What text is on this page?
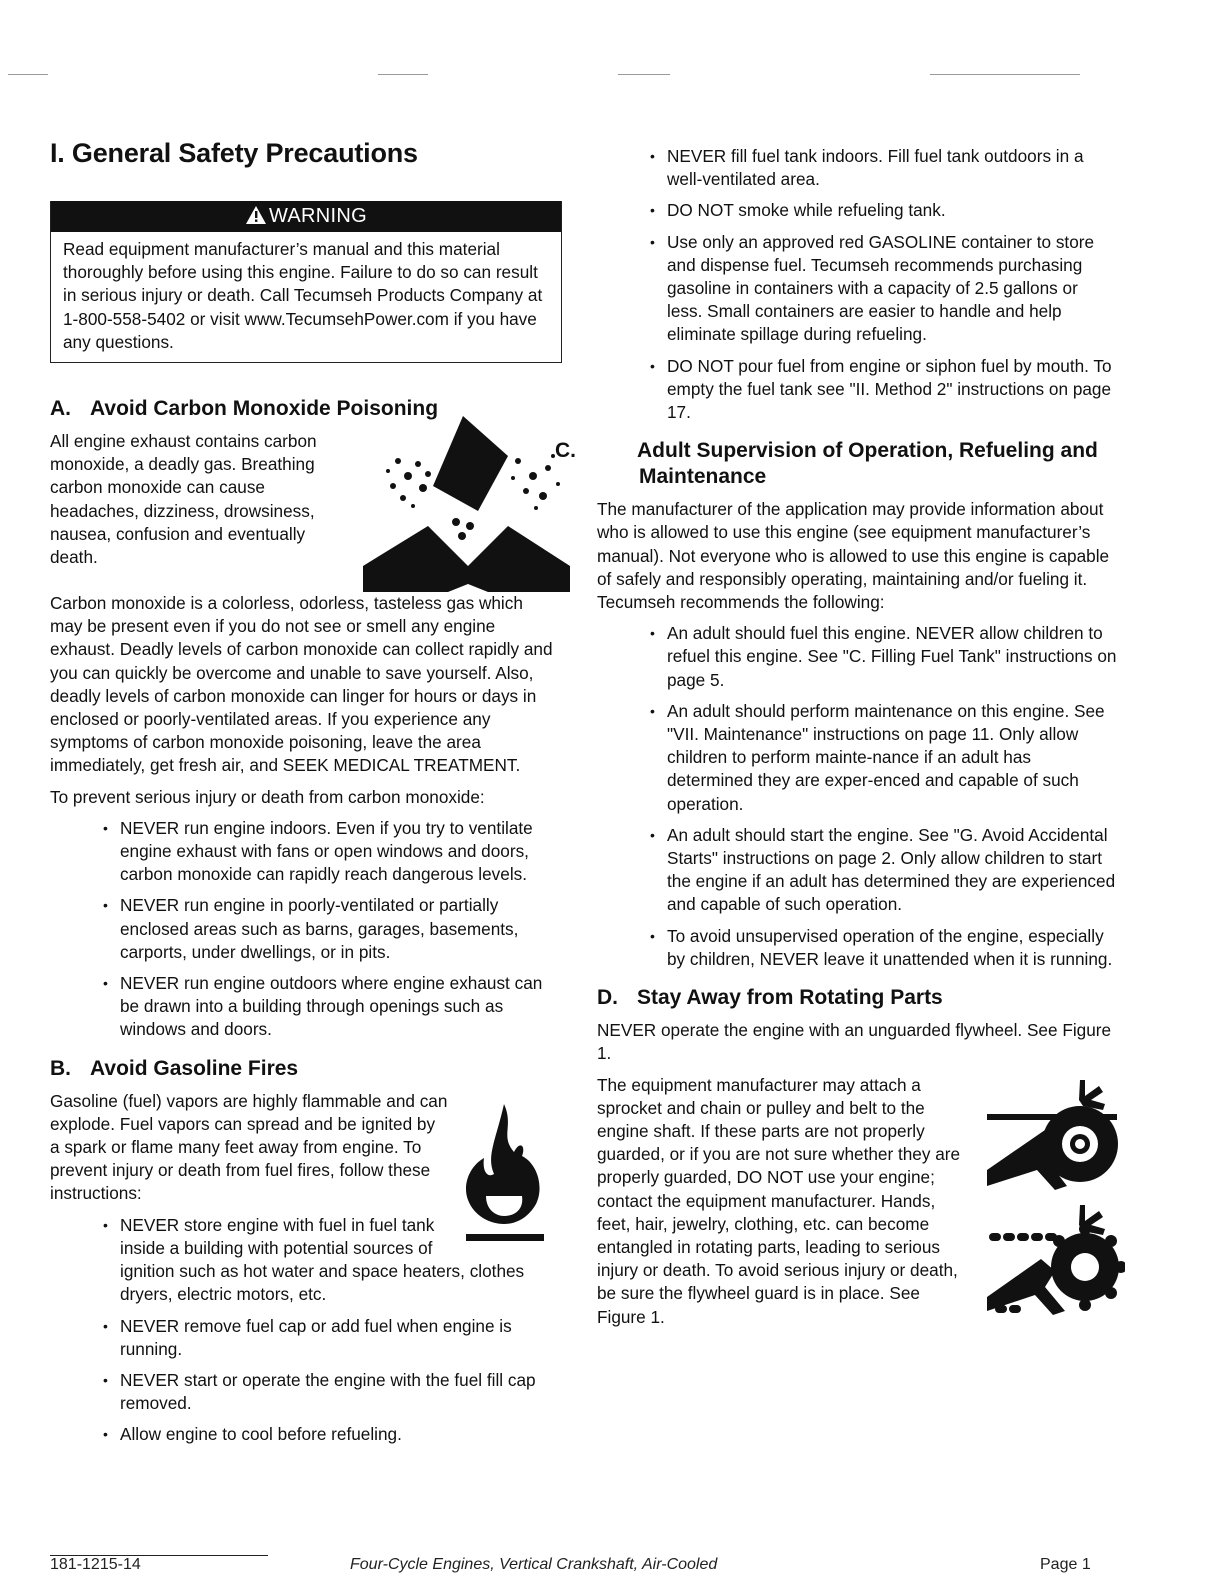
I. General Safety Precautions
WARNING
Read equipment manufacturer’s manual and this material thoroughly before using this engine. Failure to do so can result in serious injury or death. Call Tecumseh Products Company at 1-800-558-5402 or visit www.TecumsehPower.com if you have any questions.
A. Avoid Carbon Monoxide Poisoning

All engine exhaust contains carbon monoxide, a deadly gas. Breathing carbon monoxide can cause headaches, dizziness, drowsiness, nausea, confusion and eventually death.

Carbon monoxide is a colorless, odorless, tasteless gas which may be present even if you do not see or smell any engine exhaust. Deadly levels of carbon monoxide can collect rapidly and you can quickly be overcome and unable to save yourself. Also, deadly levels of carbon monoxide can linger for hours or days in enclosed or poorly-ventilated areas. If you experience any symptoms of carbon monoxide poisoning, leave the area immediately, get fresh air, and SEEK MEDICAL TREATMENT.

To prevent serious injury or death from carbon monoxide:

• NEVER run engine indoors. Even if you try to ventilate engine exhaust with fans or open windows and doors, carbon monoxide can rapidly reach dangerous levels.
• NEVER run engine in poorly-ventilated or partially enclosed areas such as barns, garages, basements, carports, under dwellings, or in pits.
• NEVER run engine outdoors where engine exhaust can be drawn into a building through openings such as windows and doors.
B. Avoid Gasoline Fires

Gasoline (fuel) vapors are highly flammable and can explode. Fuel vapors can spread and be ignited by a spark or flame many feet away from engine. To prevent injury or death from fuel fires, follow these instructions:

• NEVER store engine with fuel in fuel tank inside a building with potential sources of ignition such as hot water and space heaters, clothes dryers, electric motors, etc.
• NEVER remove fuel cap or add fuel when engine is running.
• NEVER start or operate the engine with the fuel fill cap removed.
• Allow engine to cool before refueling.
• NEVER fill fuel tank indoors. Fill fuel tank outdoors in a well-ventilated area.
• DO NOT smoke while refueling tank.
• Use only an approved red GASOLINE container to store and dispense fuel. Tecumseh recommends purchasing gasoline in containers with a capacity of 2.5 gallons or less. Small containers are easier to handle and help eliminate spillage during refueling.
• DO NOT pour fuel from engine or siphon fuel by mouth. To empty the fuel tank see "II. Method 2" instructions on page 17.
C.	Adult Supervision of Operation, Refueling and Maintenance

The manufacturer of the application may provide information about who is allowed to use this engine (see equipment manufacturer’s manual). Not everyone who is allowed to use this engine is capable of safely and responsibly operating, maintaining and/or fueling it. Tecumseh recommends the following:

• An adult should fuel this engine. NEVER allow children to refuel this engine. See "C. Filling Fuel Tank" instructions on page 5.
• An adult should perform maintenance on this engine. See "VII. Maintenance" instructions on page 11. Only allow children to perform mainte-nance if an adult has determined they are exper-enced and capable of such operation.
• An adult should start the engine. See "G. Avoid Accidental Starts" instructions on page 2. Only allow children to start the engine if an adult has determined they are experienced and capable of such operation.
• To avoid unsupervised operation of the engine, especially by children, NEVER leave it unattended when it is running.
D. Stay Away from Rotating Parts

NEVER operate the engine with an unguarded flywheel. See Figure 1.

The equipment manufacturer may attach a sprocket and chain or pulley and belt to the engine shaft. If these parts are not properly guarded, or if you are not sure whether they are properly guarded, DO NOT use your engine; contact the equipment manufacturer. Hands, feet, hair, jewelry, clothing, etc. can become entangled in rotating parts, leading to serious injury or death. To avoid serious injury or death, be sure the flywheel guard is in place. See Figure 1.

181-1215-14	Four-Cycle Engines, Vertical Crankshaft, Air-Cooled	Page 1
